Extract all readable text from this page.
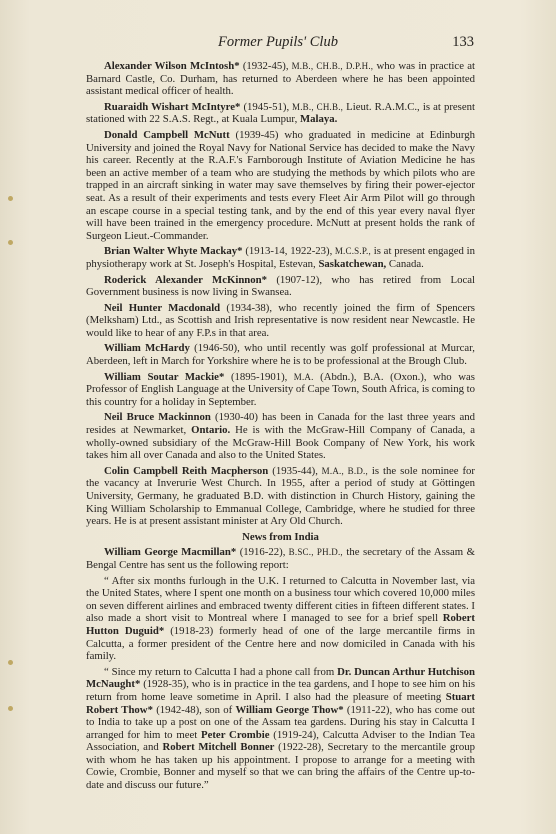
Former Pupils' Club	133

Alexander Wilson McIntosh* (1932-45), M.B., CH.B., D.P.H., who was in practice at Barnard Castle, Co. Durham, has returned to Aberdeen where he has been appointed assistant medical officer of health.

Ruaraidh Wishart McIntyre* (1945-51), M.B., CH.B., Lieut. R.A.M.C., is at present stationed with 22 S.A.S. Regt., at Kuala Lumpur, Malaya.

Donald Campbell McNutt (1939-45) who graduated in medicine at Edinburgh University and joined the Royal Navy for National Service has decided to make the Navy his career. Recently at the R.A.F.'s Farnborough Institute of Aviation Medicine he has been an active member of a team who are studying the methods by which pilots who are trapped in an aircraft sinking in water may save themselves by firing their power-ejector seat. As a result of their experiments and tests every Fleet Air Arm Pilot will go through an escape course in a special testing tank, and by the end of this year every naval flyer will have been trained in the emergency procedure. McNutt at present holds the rank of Surgeon Lieut.-Commander.

Brian Walter Whyte Mackay* (1913-14, 1922-23), M.C.S.P., is at present engaged in physiotherapy work at St. Joseph's Hospital, Estevan, Saskatchewan, Canada.

Roderick Alexander McKinnon* (1907-12), who has retired from Local Government business is now living in Swansea.

Neil Hunter Macdonald (1934-38), who recently joined the firm of Spencers (Melksham) Ltd., as Scottish and Irish representative is now resident near Newcastle. He would like to hear of any F.P.s in that area.

William McHardy (1946-50), who until recently was golf professional at Murcar, Aberdeen, left in March for Yorkshire where he is to be professional at the Brough Club.

William Soutar Mackie* (1895-1901), M.A. (Abdn.), B.A. (Oxon.), who was Professor of English Language at the University of Cape Town, South Africa, is coming to this country for a holiday in September.

Neil Bruce Mackinnon (1930-40) has been in Canada for the last three years and resides at Newmarket, Ontario. He is with the McGraw-Hill Company of Canada, a wholly-owned subsidiary of the McGraw-Hill Book Company of New York, his work takes him all over Canada and also to the United States.

Colin Campbell Reith Macpherson (1935-44), M.A., B.D., is the sole nominee for the vacancy at Inverurie West Church. In 1955, after a period of study at Göttingen University, Germany, he graduated B.D. with distinction in Church History, gaining the King William Scholarship to Emmanual College, Cambridge, where he studied for three years. He is at present assistant minister at Ary Old Church.

News from India

William George Macmillan* (1916-22), B.SC., PH.D., the secretary of the Assam & Bengal Centre has sent us the following report:

“ After six months furlough in the U.K. I returned to Calcutta in November last, via the United States, where I spent one month on a business tour which covered 10,000 miles on seven different airlines and embraced twenty different cities in fifteen different states. I also made a short visit to Montreal where I managed to see for a brief spell Robert Hutton Duguid* (1918-23) formerly head of one of the large mercantile firms in Calcutta, a former president of the Centre here and now domiciled in Canada with his family.

“ Since my return to Calcutta I had a phone call from Dr. Duncan Arthur Hutchison McNaught* (1928-35), who is in practice in the tea gardens, and I hope to see him on his return from home leave sometime in April. I also had the pleasure of meeting Stuart Robert Thow* (1942-48), son of William George Thow* (1911-22), who has come out to India to take up a post on one of the Assam tea gardens. During his stay in Calcutta I arranged for him to meet Peter Crombie (1919-24), Calcutta Adviser to the Indian Tea Association, and Robert Mitchell Bonner (1922-28), Secretary to the mercantile group with whom he has taken up his appointment. I propose to arrange for a meeting with Cowie, Crombie, Bonner and myself so that we can bring the affairs of the Centre up-to-date and discuss our future.”
